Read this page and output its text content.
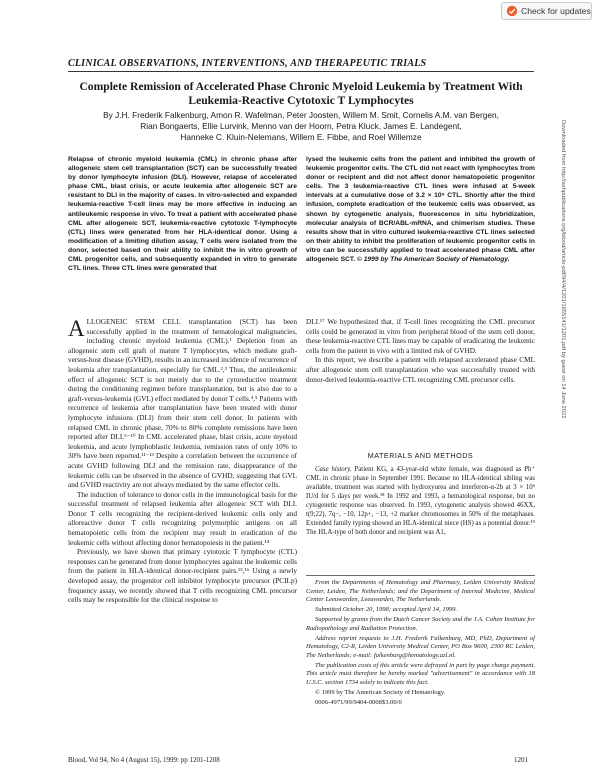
Check for updates
CLINICAL OBSERVATIONS, INTERVENTIONS, AND THERAPEUTIC TRIALS
Complete Remission of Accelerated Phase Chronic Myeloid Leukemia by Treatment With Leukemia-Reactive Cytotoxic T Lymphocytes
By J.H. Frederik Falkenburg, Amon R. Wafelman, Peter Joosten, Willem M. Smit, Cornelis A.M. van Bergen,
Rian Bongaerts, Ellie Lurvink, Menno van der Hoorn, Petra Kluck, James E. Landegent,
Hanneke C. Kluin-Nelemans, Willem E. Fibbe, and Roel Willemze

Relapse of chronic myeloid leukemia (CML) in chronic phase after allogeneic stem cell transplantation (SCT) can be successfully treated by donor lymphocyte infusion (DLI). However, relapse of accelerated phase CML, blast crisis, or acute leukemia after allogeneic SCT are resistant to DLI in the majority of cases. In vitro-selected and expanded leukemia-reactive T-cell lines may be more effective in inducing an antileukemic response in vivo. To treat a patient with accelerated phase CML after allogeneic SCT, leukemia-reactive cytotoxic T-lymphocyte (CTL) lines were generated from her HLA-identical donor. Using a modification of a limiting dilution assay, T cells were isolated from the donor, selected based on their ability to inhibit the in vitro growth of CML progenitor cells, and subsequently expanded in vitro to generate CTL lines. Three CTL lines were generated that

lysed the leukemic cells from the patient and inhibited the growth of leukemic progenitor cells. The CTL did not react with lymphocytes from donor or recipient and did not affect donor hematopoietic progenitor cells. The 3 leukemia-reactive CTL lines were infused at 5-week intervals at a cumulative dose of 3.2 × 10⁹ CTL. Shortly after the third infusion, complete eradication of the leukemic cells was observed, as shown by cytogenetic analysis, fluorescence in situ hybridization, molecular analysis of BCR/ABL-mRNA, and chimerism studies. These results show that in vitro cultured leukemia-reactive CTL lines selected on their ability to inhibit the proliferation of leukemic progenitor cells in vitro can be successfully applied to treat accelerated phase CML after allogeneic SCT. © 1999 by The American Society of Hematology.

ALLOGENEIC STEM CELL transplantation (SCT) has been successfully applied in the treatment of hematological malignancies, including chronic myeloid leukemia (CML).¹ Depletion from an allogeneic stem cell graft of mature T lymphocytes, which mediate graft-versus-host disease (GVHD), results in an increased incidence of recurrence of leukemia after transplantation, especially for CML.²,³ Thus, the antileukemic effect of allogeneic SCT is not merely due to the cytoreductive treatment during the conditioning regimen before transplantation, but is also due to a graft-versus-leukemia (GVL) effect mediated by donor T cells.⁴,⁵ Patients with recurrence of leukemia after transplantation have been treated with donor lymphocyte infusions (DLI) from their stem cell donor. In patients with relapsed CML in chronic phase, 70% to 80% complete remissions have been reported after DLI.⁶⁻¹⁰ In CML accelerated phase, blast crisis, acute myeloid leukemia, and acute lymphoblastic leukemia, remission rates of only 10% to 30% have been reported.¹¹⁻¹³ Despite a correlation between the occurrence of acute GVHD following DLI and the remission rate, disappearance of the leukemic cells can be observed in the absence of GVHD, suggesting that GVL and GVHD reactivity are not always mediated by the same effector cells.

The induction of tolerance to donor cells in the immunological basis for the successful treatment of relapsed leukemia after allogeneic SCT with DLI. Donor T cells recognizing the recipient-derived leukemic cells only and alloreactive donor T cells recognizing polymorphic antigens on all hematopoietic cells from the recipient may result in eradication of the leukemic cells without affecting donor hematopoiesis in the patient.¹⁴

Previously, we have shown that primary cytotoxic T lymphocyte (CTL) responses can be generated from donor lymphocytes against the leukemic cells from the patient in HLA-identical donor-recipient pairs.¹⁵,¹⁶ Using a newly developed assay, the progenitor cell inhibitor lymphocyte precursor (PCILp) frequency assay, we recently showed that T cells recognizing CML precursor cells may be responsible for the clinical response to

DLI.¹⁷ We hypothesized that, if T-cell lines recognizing the CML precursor cells could be generated in vitro from peripheral blood of the stem cell donor, these leukemia-reactive CTL lines may be capable of eradicating the leukemic cells from the patient in vivo with a limited risk of GVHD.

In this report, we describe a patient with relapsed accelerated phase CML after allogeneic stem cell transplantation who was successfully treated with donor-derived leukemia-reactive CTL recognizing CML precursor cells.

MATERIALS AND METHODS

Case history. Patient KG, a 43-year-old white female, was diagnosed as Ph⁺ CML in chronic phase in September 1991. Because no HLA-identical sibling was available, treatment was started with hydroxyurea and interferon-α-2b at 3 × 10⁶ IU/d for 5 days per week.¹⁸ In 1992 and 1993, a hematological response, but no cytogenetic response was observed. In 1993, cytogenetic analysis showed 46XX, t(9;22), 7q−, −10, 12p+, −13, +2 marker chromosomes in 50% of the metaphases. Extended family typing showed an HLA-identical niece (HS) as a potential donor.¹⁹ The HLA-type of both donor and recipient was A1,

From the Departments of Hematology and Pharmacy, Leiden University Medical Center, Leiden, The Netherlands; and the Department of Internal Medicine, Medical Center Leeuwarden, Leeuwarden, The Netherlands.

Submitted October 20, 1998; accepted April 14, 1999.

Supported by grants from the Dutch Cancer Society and the J.A. Cohen Institute for Radiopathology and Radiation Protection.

Address reprint requests to J.H. Frederik Falkenburg, MD, PhD, Department of Hematology, C2-R, Leiden University Medical Center, PO Box 9600, 2300 RC Leiden, The Netherlands; e-mail: falkenburg@hematology.azl.nl.

The publication costs of this article were defrayed in part by page charge payment. This article must therefore be hereby marked "advertisement" in accordance with 18 U.S.C. section 1734 solely to indicate this fact.

© 1999 by The American Society of Hematology.

0006-4971/99/9404-0008$3.00/0

Downloaded from http://ashpublications.org/blood/article-pdf/94/4/1201/1655141/1201.pdf by guest on 14 June 2022
Blood, Vol 94, No 4 (August 15), 1999: pp 1201-1208	1201
